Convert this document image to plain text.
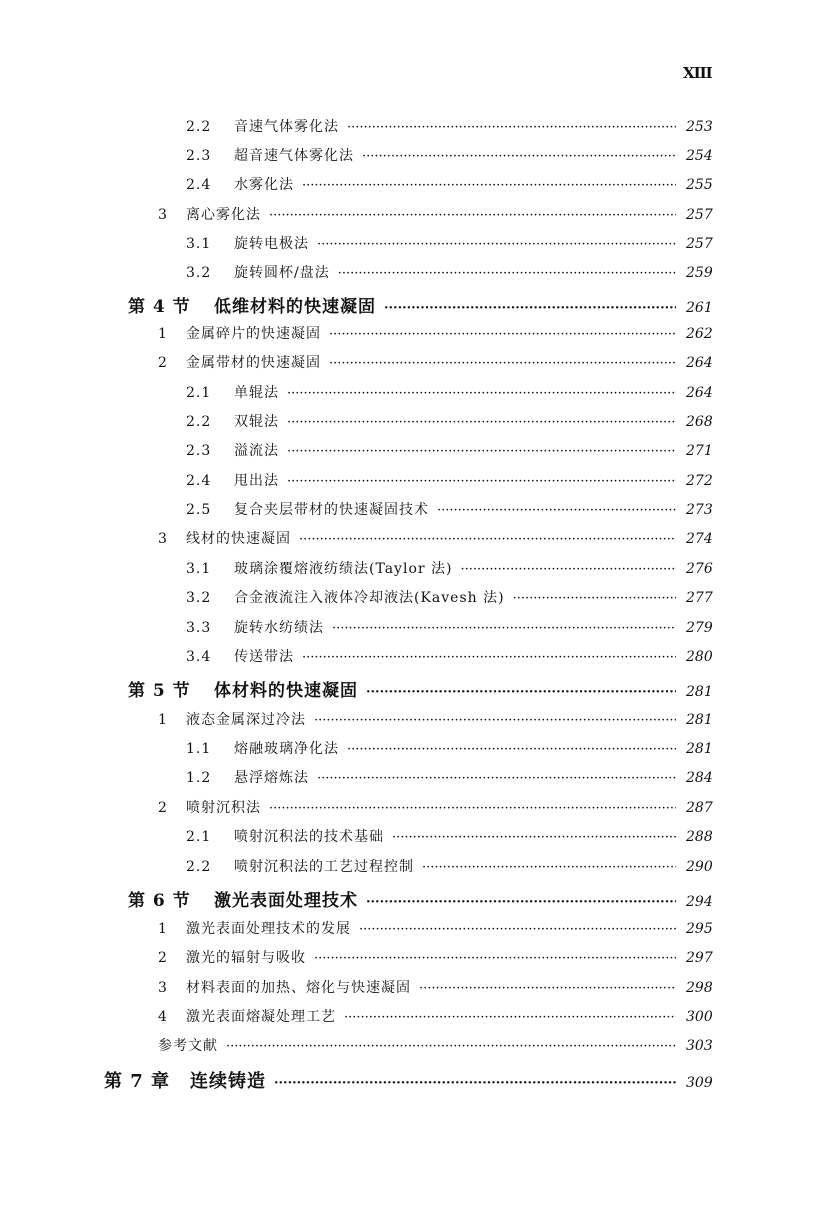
XIII
2.2	音速气体雾化法 ·····	253
2.3	超音速气体雾化法 ·····	254
2.4	水雾化法 ·····	255
3	离心雾化法 ·····	257
3.1	旋转电极法 ·····	257
3.2	旋转圆杯/盘法 ·····	259
第 4 节	低维材料的快速凝固 ·····	261
1	金属碎片的快速凝固 ·····	262
2	金属带材的快速凝固 ·····	264
2.1	单辊法 ·····	264
2.2	双辊法 ·····	268
2.3	溢流法 ·····	271
2.4	甩出法 ·····	272
2.5	复合夹层带材的快速凝固技术 ·····	273
3	线材的快速凝固 ·····	274
3.1	玻璃涂覆熔液纺绩法(Taylor 法) ·····	276
3.2	合金液流注入液体冷却液法(Kavesh 法) ·····	277
3.3	旋转水纺绩法 ·····	279
3.4	传送带法 ·····	280
第 5 节	体材料的快速凝固 ·····	281
1	液态金属深过冷法 ·····	281
1.1	熔融玻璃净化法 ·····	281
1.2	悬浮熔炼法 ·····	284
2	喷射沉积法 ·····	287
2.1	喷射沉积法的技术基础 ·····	288
2.2	喷射沉积法的工艺过程控制 ·····	290
第 6 节	激光表面处理技术 ·····	294
1	激光表面处理技术的发展 ·····	295
2	激光的辐射与吸收 ·····	297
3	材料表面的加热、熔化与快速凝固 ·····	298
4	激光表面熔凝处理工艺 ·····	300
参考文献 ·····	303
第 7 章	连续铸造 ·····	309
